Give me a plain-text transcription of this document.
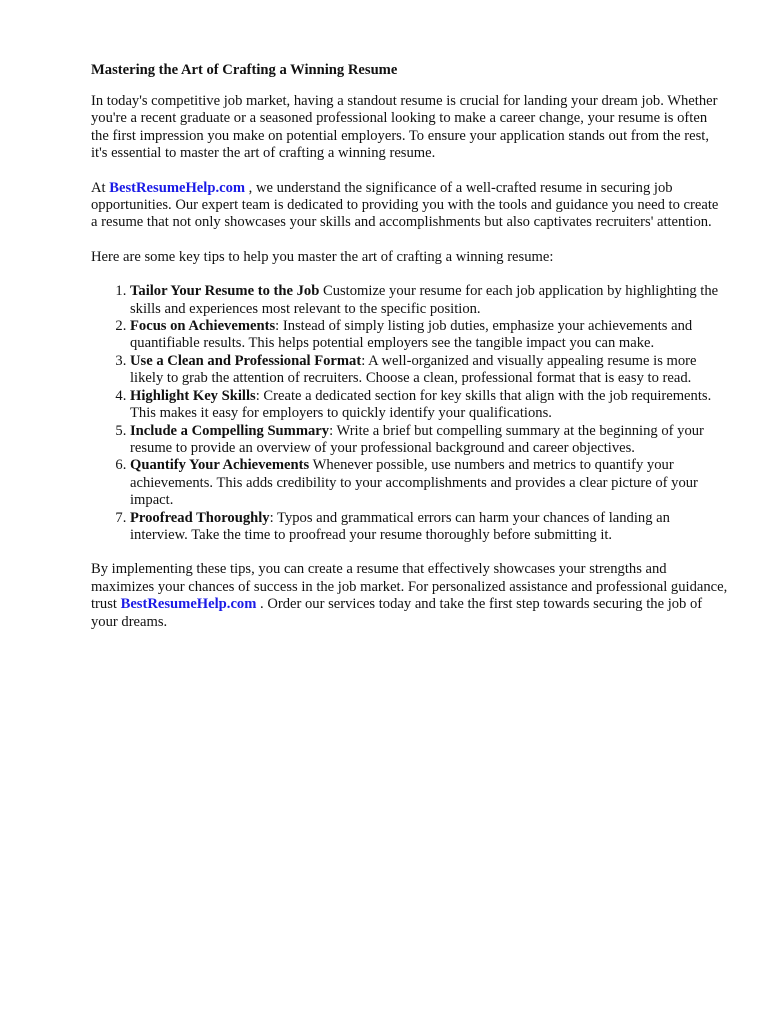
Mastering the Art of Crafting a Winning Resume

In today's competitive job market, having a standout resume is crucial for landing your dream job. Whether you're a recent graduate or a seasoned professional looking to make a career change, your resume is often the first impression you make on potential employers. To ensure your application stands out from the rest, it's essential to master the art of crafting a winning resume.

At BestResumeHelp.com , we understand the significance of a well-crafted resume in securing job opportunities. Our expert team is dedicated to providing you with the tools and guidance you need to create a resume that not only showcases your skills and accomplishments but also captivates recruiters' attention.

Here are some key tips to help you master the art of crafting a winning resume:

1. Tailor Your Resume to the Job Customize your resume for each job application by highlighting the skills and experiences most relevant to the specific position.
2. Focus on Achievements: Instead of simply listing job duties, emphasize your achievements and quantifiable results. This helps potential employers see the tangible impact you can make.
3. Use a Clean and Professional Format: A well-organized and visually appealing resume is more likely to grab the attention of recruiters. Choose a clean, professional format that is easy to read.
4. Highlight Key Skills: Create a dedicated section for key skills that align with the job requirements. This makes it easy for employers to quickly identify your qualifications.
5. Include a Compelling Summary: Write a brief but compelling summary at the beginning of your resume to provide an overview of your professional background and career objectives.
6. Quantify Your Achievements Whenever possible, use numbers and metrics to quantify your achievements. This adds credibility to your accomplishments and provides a clear picture of your impact.
7. Proofread Thoroughly: Typos and grammatical errors can harm your chances of landing an interview. Take the time to proofread your resume thoroughly before submitting it.

By implementing these tips, you can create a resume that effectively showcases your strengths and maximizes your chances of success in the job market. For personalized assistance and professional guidance, trust BestResumeHelp.com . Order our services today and take the first step towards securing the job of your dreams.
